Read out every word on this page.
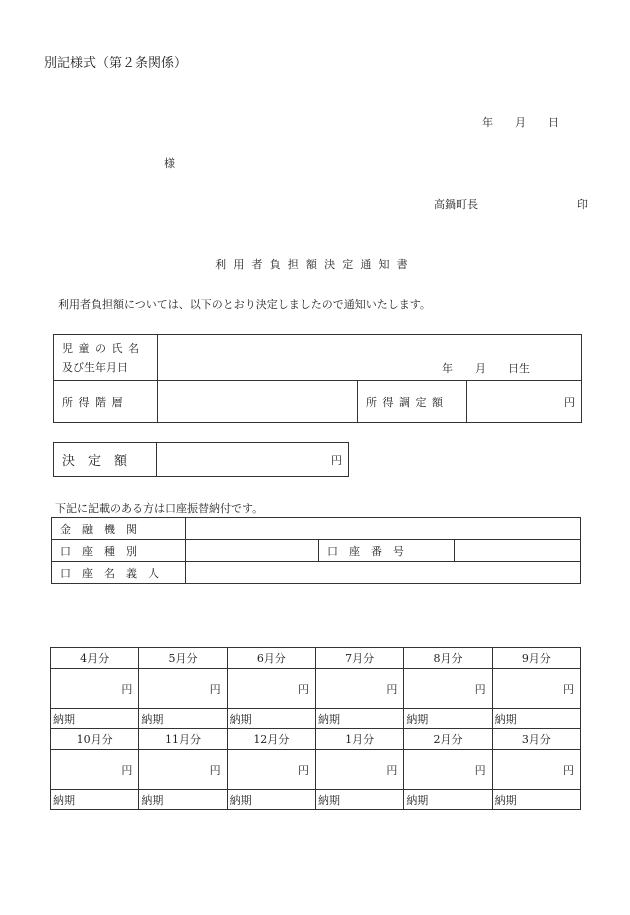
別記様式（第２条関係）
年　　月　　日
様
高鍋町長	印
利用者負担額決定通知書
利用者負担額については、以下のとおり決定しましたので通知いたします。
児童の氏名
及び生年月日	年　　月　　日生		

所得階層		所得調定額	円
決　定　額	円
下記に記載のある方は口座振替納付です。
金　融　機　関			
口　座　種　別		口　座　番　号	
口　座　名　義　人			
4月分	5月分	6月分	7月分	8月分	9月分
円	円	円	円	円	円
納期	納期	納期	納期	納期	納期
10月分	11月分	12月分	1月分	2月分	3月分
円	円	円	円	円	円
納期	納期	納期	納期	納期	納期
